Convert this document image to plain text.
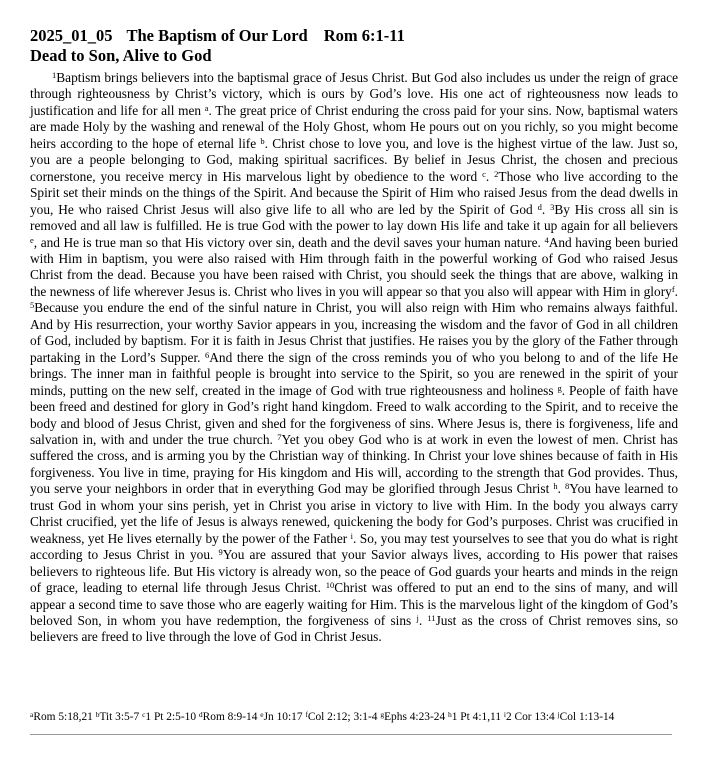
2025_01_05 The Baptism of Our Lord Rom 6:1-11
Dead to Son, Alive to God

$^1$Baptism brings believers into the baptismal grace of Jesus Christ. But God also includes us under the reign of grace through righteousness by Christ’s victory, which is ours by God’s love. His one act of righteousness now leads to justification and life for all men $^a$. The great price of Christ enduring the cross paid for your sins. Now, baptismal waters are made Holy by the washing and renewal of the Holy Ghost, whom He pours out on you richly, so you might become heirs according to the hope of eternal life $^b$. Christ chose to love you, and love is the highest virtue of the law. Just so, you are a people belonging to God, making spiritual sacrifices. By belief in Jesus Christ, the chosen and precious cornerstone, you receive mercy in His marvelous light by obedience to the word $^c$. $^2$Those who live according to the Spirit set their minds on the things of the Spirit. And because the Spirit of Him who raised Jesus from the dead dwells in you, He who raised Christ Jesus will also give life to all who are led by the Spirit of God $^d$. $^3$By His cross all sin is removed and all law is fulfilled. He is true God with the power to lay down His life and take it up again for all believers $^e$, and He is true man so that His victory over sin, death and the devil saves your human nature. $^4$And having been buried with Him in baptism, you were also raised with Him through faith in the powerful working of God who raised Jesus Christ from the dead. Because you have been raised with Christ, you should seek the things that are above, walking in the newness of life wherever Jesus is. Christ who lives in you will appear so that you also will appear with Him in glory$^f$. $^5$Because you endure the end of the sinful nature in Christ, you will also reign with Him who remains always faithful. And by His resurrection, your worthy Savior appears in you, increasing the wisdom and the favor of God in all children of God, included by baptism. For it is faith in Jesus Christ that justifies. He raises you by the glory of the Father through partaking in the Lord’s Supper. $^6$And there the sign of the cross reminds you of who you belong to and of the life He brings. The inner man in faithful people is brought into service to the Spirit, so you are renewed in the spirit of your minds, putting on the new self, created in the image of God with true righteousness and holiness $^g$. People of faith have been freed and destined for glory in God’s right hand kingdom. Freed to walk according to the Spirit, and to receive the body and blood of Jesus Christ, given and shed for the forgiveness of sins. Where Jesus is, there is forgiveness, life and salvation in, with and under the true church. $^7$Yet you obey God who is at work in even the lowest of men. Christ has suffered the cross, and is arming you by the Christian way of thinking. In Christ your love shines because of faith in His forgiveness. You live in time, praying for His kingdom and His will, according to the strength that God provides. Thus, you serve your neighbors in order that in everything God may be glorified through Jesus Christ $^h$. $^8$You have learned to trust God in whom your sins perish, yet in Christ you arise in victory to live with Him. In the body you always carry Christ crucified, yet the life of Jesus is always renewed, quickening the body for God’s purposes. Christ was crucified in weakness, yet He lives eternally by the power of the Father $^i$. So, you may test yourselves to see that you do what is right according to Jesus Christ in you. $^9$You are assured that your Savior always lives, according to His power that raises believers to righteous life. But His victory is already won, so the peace of God guards your hearts and minds in the reign of grace, leading to eternal life through Jesus Christ. $^{10}$Christ was offered to put an end to the sins of many, and will appear a second time to save those who are eagerly waiting for Him. This is the marvelous light of the kingdom of God’s beloved Son, in whom you have redemption, the forgiveness of sins $^j$. $^{11}$Just as the cross of Christ removes sins, so believers are freed to live through the love of God in Christ Jesus.

$^a$Rom 5:18,21 $^b$Tit 3:5-7 $^c$1 Pt 2:5-10 $^d$Rom 8:9-14 $^e$Jn 10:17 $^f$Col 2:12; 3:1-4 $^g$Ephs 4:23-24 $^h$1 Pt 4:1,11 $^i$2 Cor 13:4 $^j$Col 1:13-14
